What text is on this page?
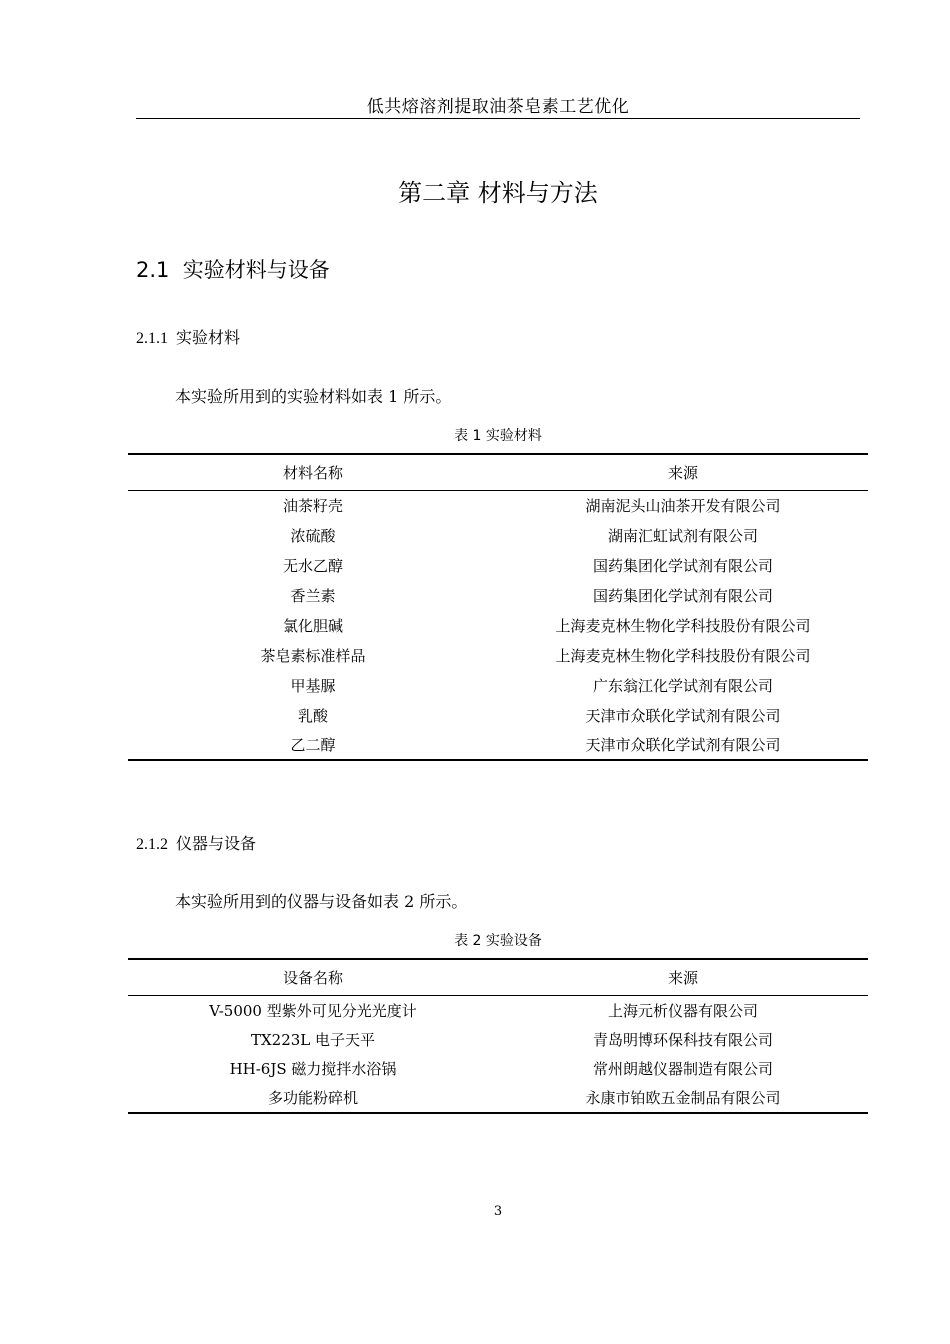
低共熔溶剂提取油茶皂素工艺优化
第二章 材料与方法
2.1 实验材料与设备
2.1.1 实验材料
本实验所用到的实验材料如表 1 所示。
表 1 实验材料
材料名称	来源
油茶籽壳	湖南泥头山油茶开发有限公司
浓硫酸	湖南汇虹试剂有限公司
无水乙醇	国药集团化学试剂有限公司
香兰素	国药集团化学试剂有限公司
氯化胆碱	上海麦克林生物化学科技股份有限公司
茶皂素标准样品	上海麦克林生物化学科技股份有限公司
甲基脲	广东翁江化学试剂有限公司
乳酸	天津市众联化学试剂有限公司
乙二醇	天津市众联化学试剂有限公司
2.1.2 仪器与设备
本实验所用到的仪器与设备如表 2 所示。
表 2 实验设备
设备名称	来源
V-5000 型紫外可见分光光度计	上海元析仪器有限公司
TX223L 电子天平	青岛明博环保科技有限公司
HH-6JS 磁力搅拌水浴锅	常州朗越仪器制造有限公司
多功能粉碎机	永康市铂欧五金制品有限公司
3
